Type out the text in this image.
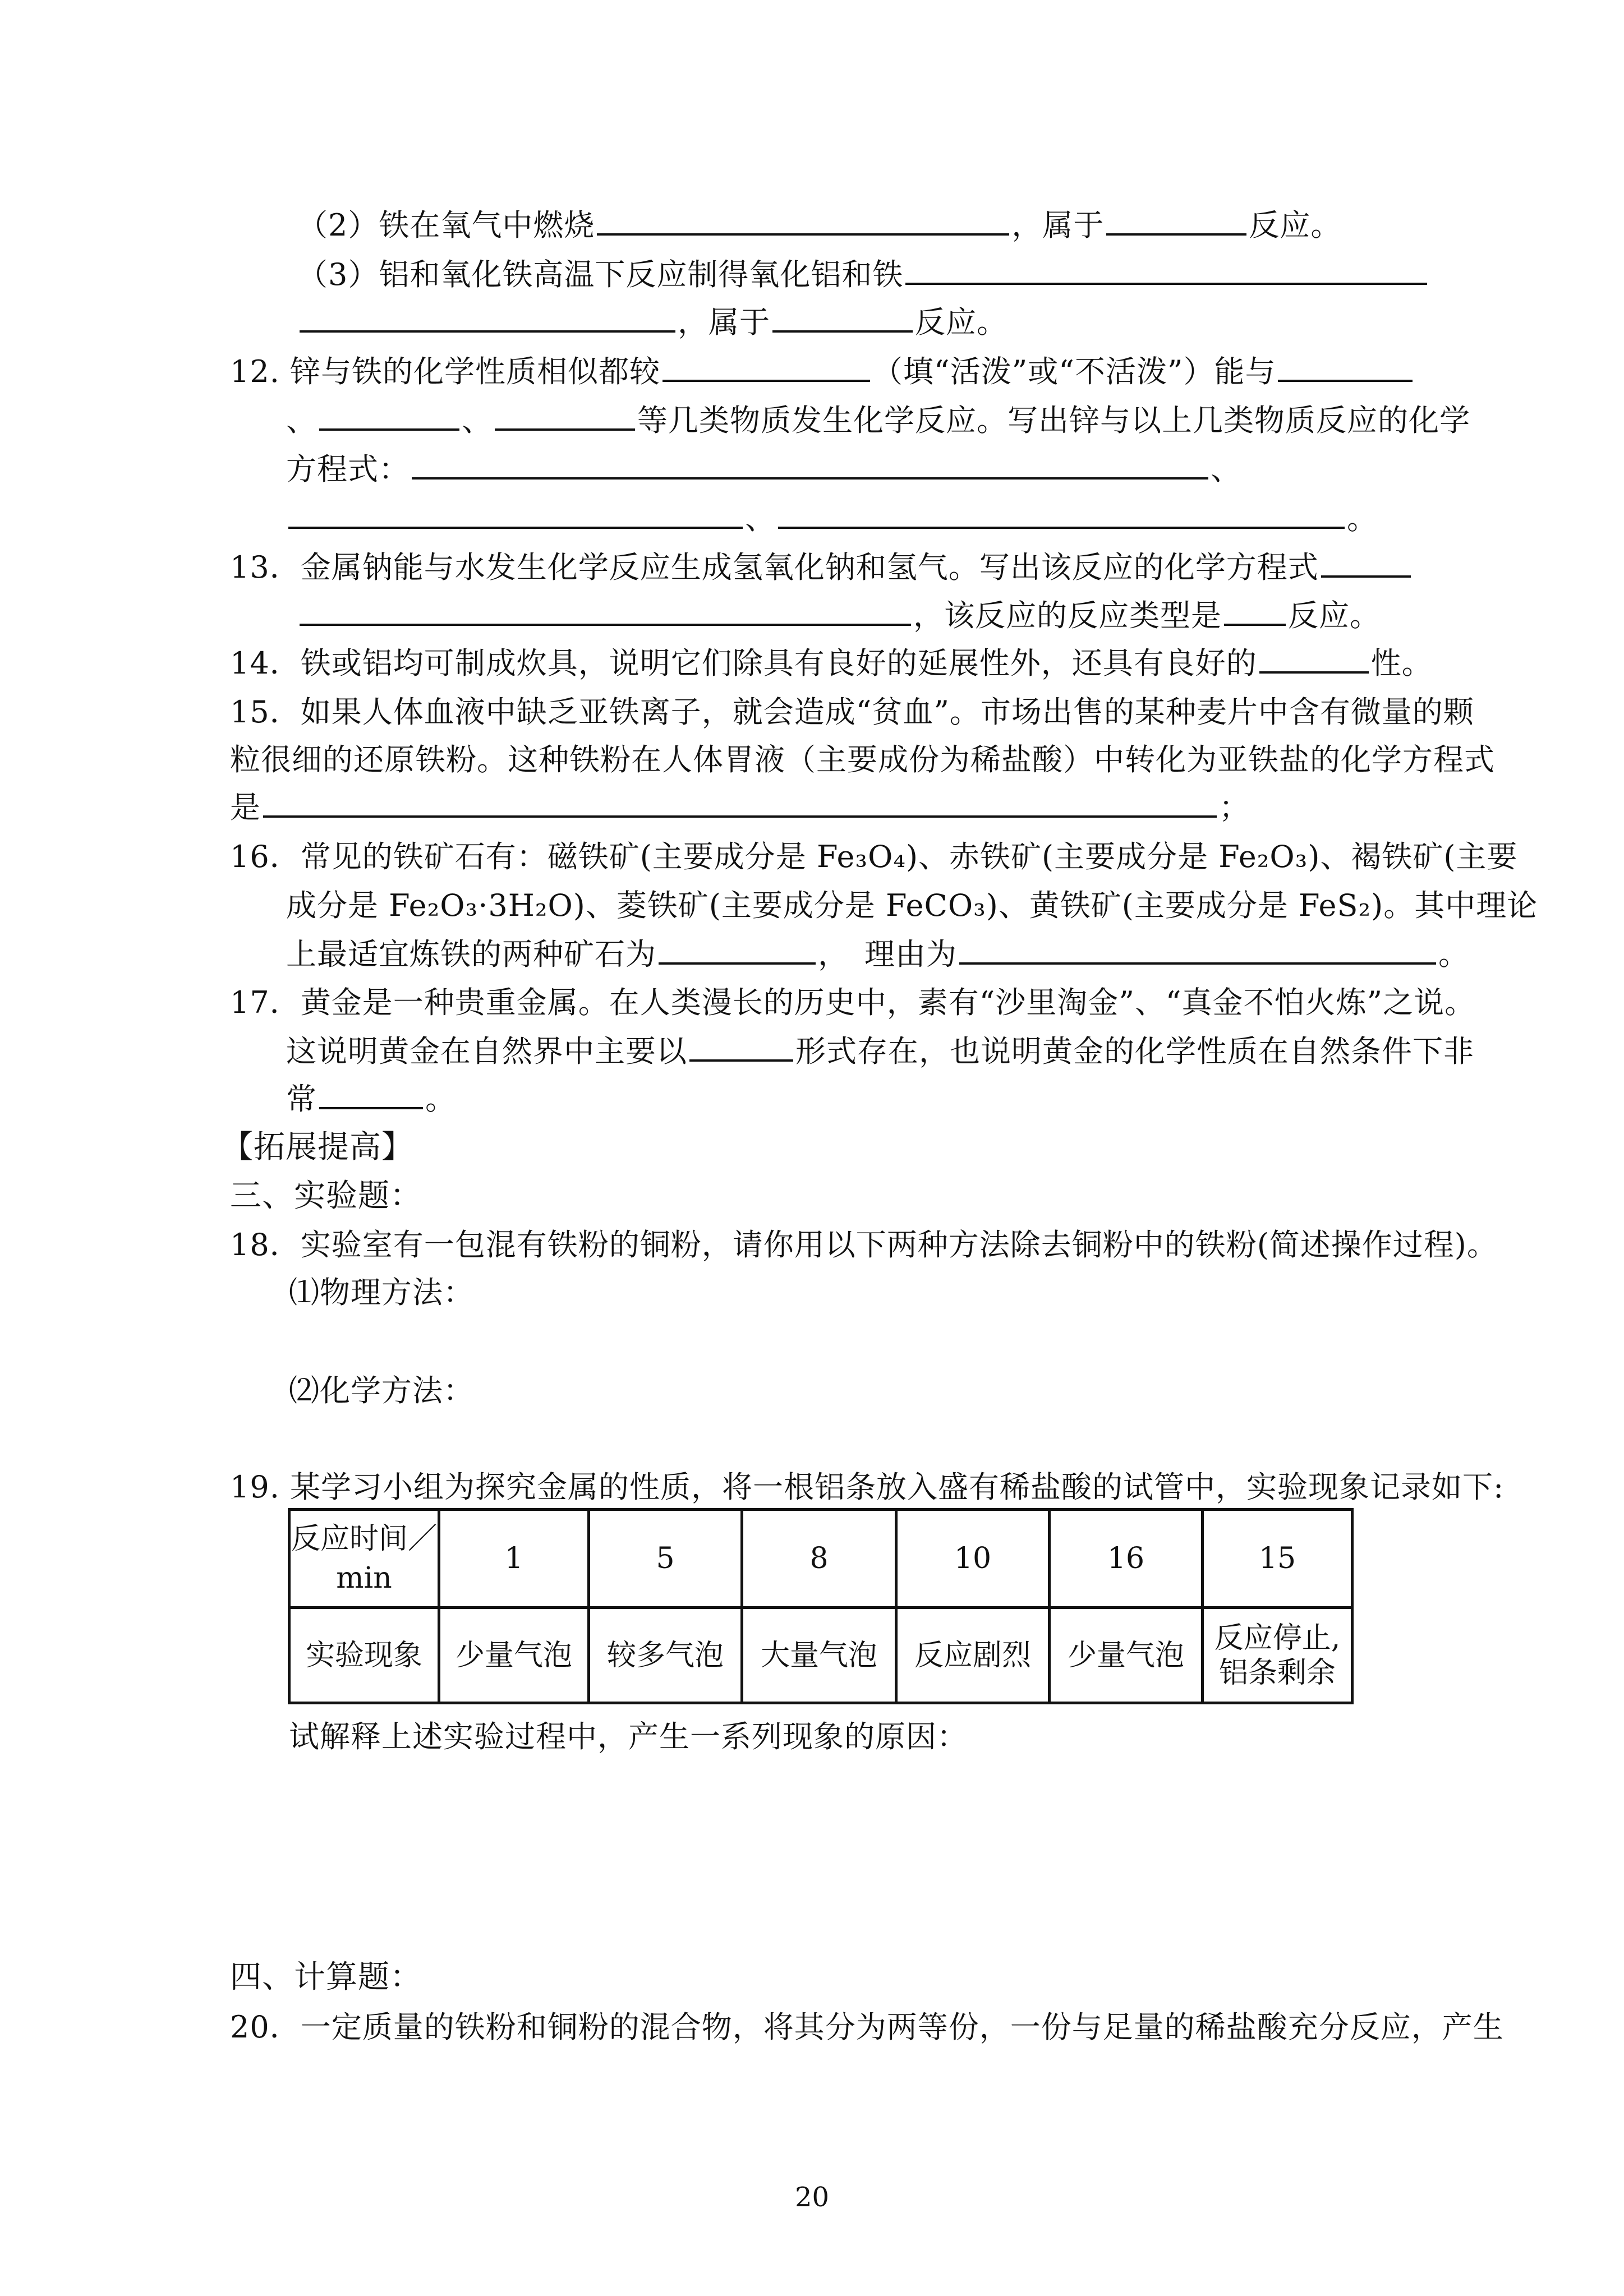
（2）铁在氧气中燃烧	，属于	反应。
（3）铝和氧化铁高温下反应制得氧化铝和铁
，属于	反应。
12. 锌与铁的化学性质相似都较	（填“活泼”或“不活泼”）能与
、	、	等几类物质发生化学反应。写出锌与以上几类物质反应的化学
方程式：	、
、	。
13．金属钠能与水发生化学反应生成氢氧化钠和氢气。写出该反应的化学方程式
，该反应的反应类型是 反应。
14．铁或铝均可制成炊具，说明它们除具有良好的延展性外，还具有良好的	性。
15．如果人体血液中缺乏亚铁离子，就会造成“贫血”。市场出售的某种麦片中含有微量的颗
粒很细的还原铁粉。这种铁粉在人体胃液（主要成份为稀盐酸）中转化为亚铁盐的化学方程式
是	；
16．常见的铁矿石有：磁铁矿(主要成分是 Fe₃O₄)、赤铁矿(主要成分是 Fe₂O₃)、褐铁矿(主要
成分是 Fe₂O₃·3H₂O)、菱铁矿(主要成分是 FeCO₃)、黄铁矿(主要成分是 FeS₂)。其中理论
上最适宜炼铁的两种矿石为	，　理由为	。
17．黄金是一种贵重金属。在人类漫长的历史中，素有“沙里淘金”、“真金不怕火炼”之说。
这说明黄金在自然界中主要以	形式存在，也说明黄金的化学性质在自然条件下非
常	。
【拓展提高】
三、实验题：
18．实验室有一包混有铁粉的铜粉，请你用以下两种方法除去铜粉中的铁粉(简述操作过程)。
⑴物理方法：
⑵化学方法：
19. 某学习小组为探究金属的性质，将一根铝条放入盛有稀盐酸的试管中，实验现象记录如下:
反应时间／
min	1	5	8	10	16	15
实验现象	少量气泡	较多气泡	大量气泡	反应剧烈	少量气泡	反应停止,
铝条剩余
试解释上述实验过程中，产生一系列现象的原因：
四、计算题：
20．一定质量的铁粉和铜粉的混合物，将其分为两等份，一份与足量的稀盐酸充分反应，产生
20
